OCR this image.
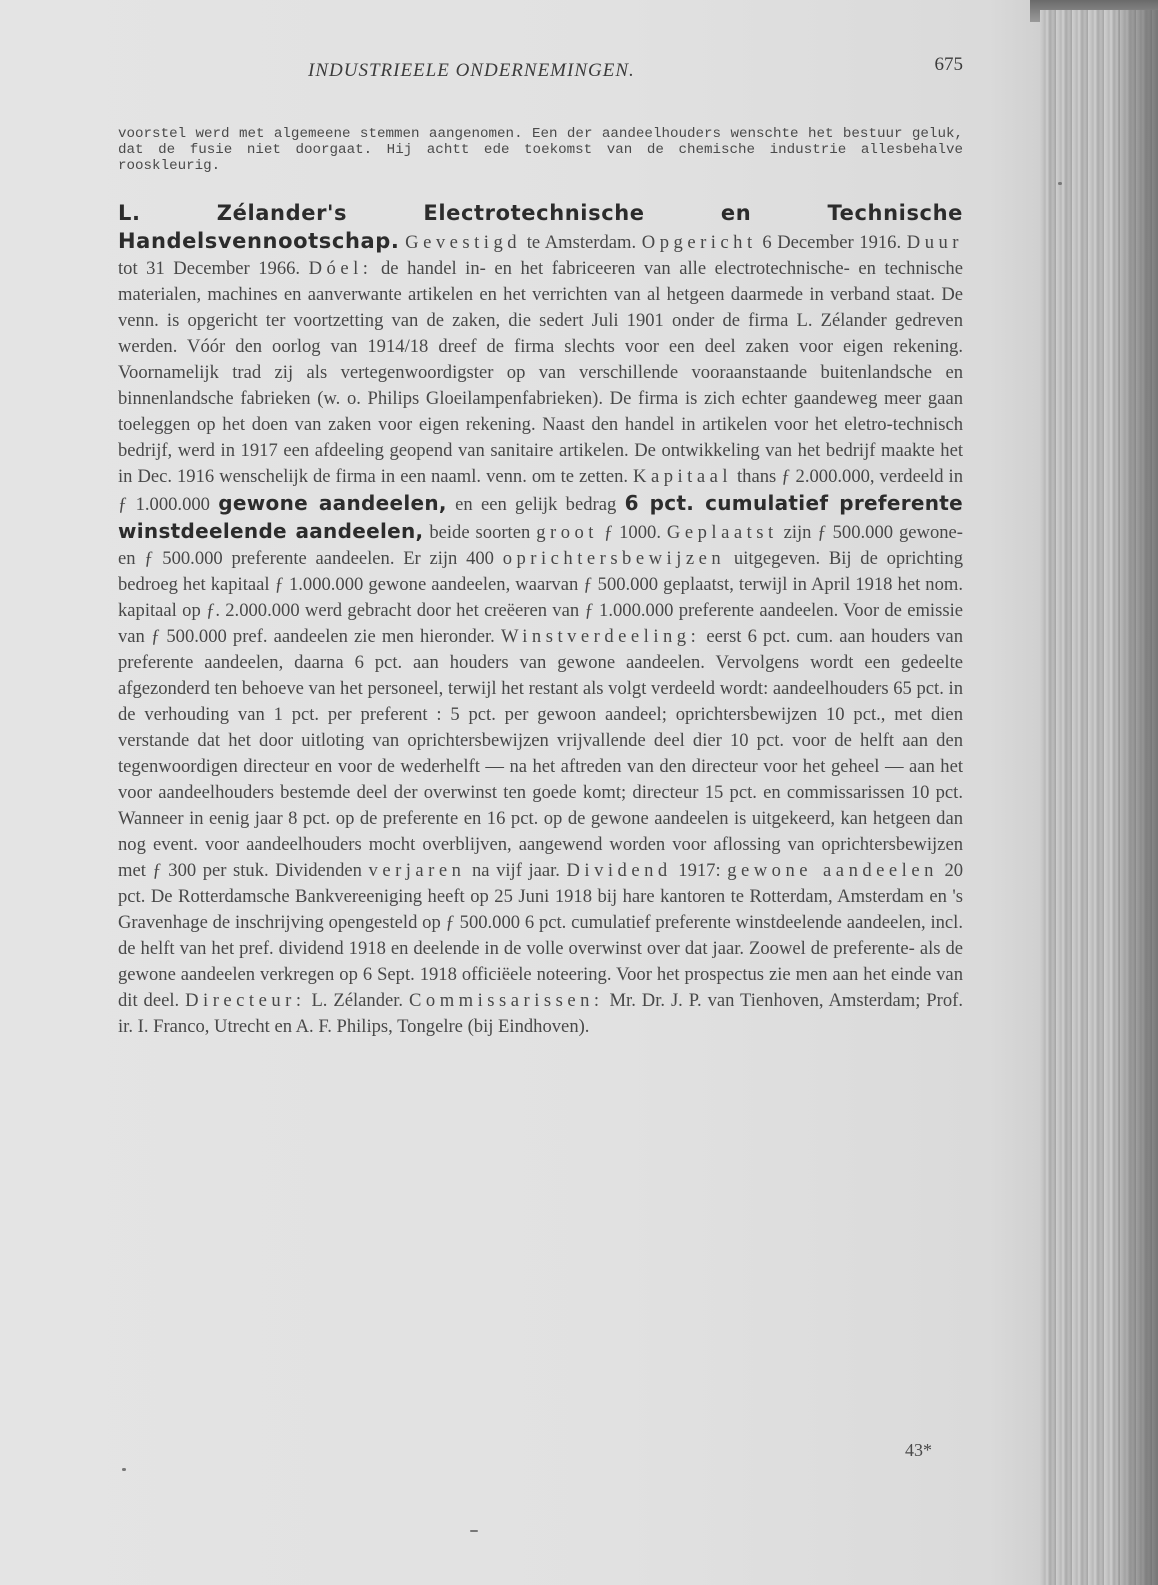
INDUSTRIEELE ONDERNEMINGEN.	675
voorstel werd met algemeene stemmen aangenomen. Een der aandeelhouders wenschte het bestuur geluk, dat de fusie niet doorgaat. Hij achtt ede toekomst van de chemische industrie allesbehalve rooskleurig.
L. Zélander's Electrotechnische en Technische Handelsvennootschap. Gevestigd te Amsterdam. Opgericht 6 December 1916. Duur tot 31 December 1966. Dóel: de handel in- en het fabriceeren van alle electrotechnische- en technische materialen, machines en aanverwante artikelen en het verrichten van al hetgeen daarmede in verband staat. De venn. is opgericht ter voortzetting van de zaken, die sedert Juli 1901 onder de firma L. Zélander gedreven werden. Vóór den oorlog van 1914/18 dreef de firma slechts voor een deel zaken voor eigen rekening. Voornamelijk trad zij als vertegenwoordigster op van verschillende vooraanstaande buitenlandsche en binnenlandsche fabrieken (w. o. Philips Gloeilampenfabrieken). De firma is zich echter gaandeweg meer gaan toeleggen op het doen van zaken voor eigen rekening. Naast den handel in artikelen voor het eletro-technisch bedrijf, werd in 1917 een afdeeling geopend van sanitaire artikelen. De ontwikkeling van het bedrijf maakte het in Dec. 1916 wenschelijk de firma in een naaml. venn. om te zetten. Kapitaal thans ƒ 2.000.000, verdeeld in ƒ 1.000.000 gewone aandeelen, en een gelijk bedrag 6 pct. cumulatief preferente winstdeelende aandeelen, beide soorten groot ƒ 1000. Geplaatst zijn ƒ 500.000 gewone- en ƒ 500.000 preferente aandeelen. Er zijn 400 oprichtersbewijzen uitgegeven. Bij de oprichting bedroeg het kapitaal ƒ 1.000.000 gewone aandeelen, waarvan ƒ 500.000 geplaatst, terwijl in April 1918 het nom. kapitaal op ƒ. 2.000.000 werd gebracht door het creëeren van ƒ 1.000.000 preferente aandeelen. Voor de emissie van ƒ 500.000 pref. aandeelen zie men hieronder. Winstverdeeling: eerst 6 pct. cum. aan houders van preferente aandeelen, daarna 6 pct. aan houders van gewone aandeelen. Vervolgens wordt een gedeelte afgezonderd ten behoeve van het personeel, terwijl het restant als volgt verdeeld wordt: aandeelhouders 65 pct. in de verhouding van 1 pct. per preferent : 5 pct. per gewoon aandeel; oprichtersbewijzen 10 pct., met dien verstande dat het door uitloting van oprichtersbewijzen vrijvallende deel dier 10 pct. voor de helft aan den tegenwoordigen directeur en voor de wederhelft — na het aftreden van den directeur voor het geheel — aan het voor aandeelhouders bestemde deel der overwinst ten goede komt; directeur 15 pct. en commissarissen 10 pct. Wanneer in eenig jaar 8 pct. op de preferente en 16 pct. op de gewone aandeelen is uitgekeerd, kan hetgeen dan nog event. voor aandeelhouders mocht overblijven, aangewend worden voor aflossing van oprichtersbewijzen met ƒ 300 per stuk. Dividenden verjaren na vijf jaar. Dividend 1917: gewone aandeelen 20 pct. De Rotterdamsche Bankvereeniging heeft op 25 Juni 1918 bij hare kantoren te Rotterdam, Amsterdam en 's Gravenhage de inschrijving opengesteld op ƒ 500.000 6 pct. cumulatief preferente winstdeelende aandeelen, incl. de helft van het pref. dividend 1918 en deelende in de volle overwinst over dat jaar. Zoowel de preferente- als de gewone aandeelen verkregen op 6 Sept. 1918 officiëele noteering. Voor het prospectus zie men aan het einde van dit deel. Directeur: L. Zélander. Commissarissen: Mr. Dr. J. P. van Tienhoven, Amsterdam; Prof. ir. I. Franco, Utrecht en A. F. Philips, Tongelre (bij Eindhoven).
43*
